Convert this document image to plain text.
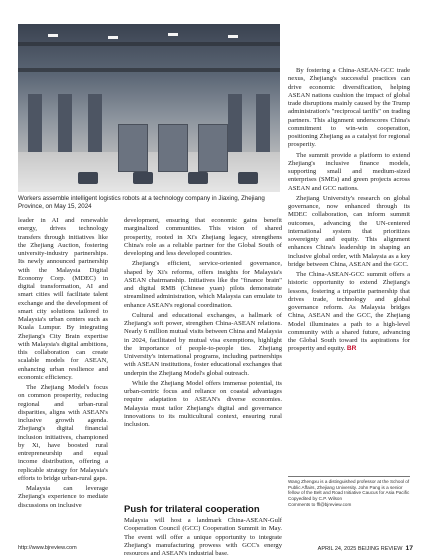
Workers assemble intelligent logistics robots at a technology company in Jiaxing, Zhejiang Province, on May 15, 2024

leader in AI and renewable energy, drives technology transfers through initiatives like the Zhejiang Auction, fostering university-industry partnerships. Its newly announced partnership with the Malaysia Digital Economy Corp. (MDEC) in digital transformation, AI and smart cities will facilitate talent exchange and the development of smart city solutions tailored to Malaysia's urban centers such as Kuala Lumpur. By integrating Zhejiang's City Brain expertise with Malaysia's digital ambitions, this collaboration can create scalable models for ASEAN, enhancing urban resilience and economic efficiency.

The Zhejiang Model's focus on common prosperity, reducing regional and urban-rural disparities, aligns with ASEAN's inclusive growth agenda. Zhejiang's digital financial inclusion initiatives, championed by Xi, have boosted rural entrepreneurship and equal income distribution, offering a replicable strategy for Malaysia's efforts to bridge urban-rural gaps.

Malaysia can leverage Zhejiang's experience to mediate discussions on inclusive

development, ensuring that economic gains benefit marginalized communities. This vision of shared prosperity, rooted in Xi's Zhejiang legacy, strengthens China's role as a reliable partner for the Global South of developing and less developed countries.

Zhejiang's efficient, service-oriented governance, shaped by Xi's reforms, offers insights for Malaysia's ASEAN chairmanship. Initiatives like the "finance brain" and digital RMB (Chinese yuan) pilots demonstrate streamlined administration, which Malaysia can emulate to enhance ASEAN's regional coordination.

Cultural and educational exchanges, a hallmark of Zhejiang's soft power, strengthen China-ASEAN relations. Nearly 6 million mutual visits between China and Malaysia in 2024, facilitated by mutual visa exemptions, highlight the importance of people-to-people ties. Zhejiang University's international programs, including partnerships with ASEAN institutions, foster educational exchanges that underpin the Zhejiang Model's global outreach.

While the Zhejiang Model offers immense potential, its urban-centric focus and reliance on coastal advantages require adaptation to ASEAN's diverse economies. Malaysia must tailor Zhejiang's digital and governance innovations to its multicultural context, ensuring rural inclusion.

Push for trilateral cooperation

Malaysia will host a landmark China-ASEAN-Gulf Cooperation Council (GCC) Cooperation Summit in May. The event will offer a unique opportunity to integrate Zhejiang's manufacturing prowess with GCC's energy resources and ASEAN's industrial base.

By fostering a China-ASEAN-GCC trade nexus, Zhejiang's successful practices can drive economic diversification, helping ASEAN nations cushion the impact of global trade disruptions mainly caused by the Trump administration's "reciprocal tariffs" on trading partners. This alignment underscores China's commitment to win-win cooperation, positioning Zhejiang as a catalyst for regional prosperity.

The summit provide a platform to extend Zhejiang's inclusive finance models, supporting small and medium-sized enterprises (SMEs) and green projects across ASEAN and GCC nations.

Zhejiang University's research on global governance, now enhanced through its MDEC collaboration, can inform summit outcomes, advancing the UN-centered international system that prioritizes sovereignty and equity. This alignment enhances China's leadership in shaping an inclusive global order, with Malaysia as a key bridge between China, ASEAN and the GCC.

The China-ASEAN-GCC summit offers a historic opportunity to extend Zhejiang's lessons, fostering a tripartite partnership that drives trade, technology and global governance reform. As Malaysia bridges China, ASEAN and the GCC, the Zhejiang Model illuminates a path to a high-level community with a shared future, advancing the Global South toward its aspirations for prosperity and equity. BR

Wang Zhengxu is a distinguished professor at the School of Public Affairs, Zhejiang University. John Pang is a senior fellow of the Belt and Road Initiative Caucus for Asia Pacific
Copyedited by C.P. Wilson
Comments to ffl@bjreview.com
http://www.bjreview.com	APRIL 24, 2025 BEIJING REVIEW 17
